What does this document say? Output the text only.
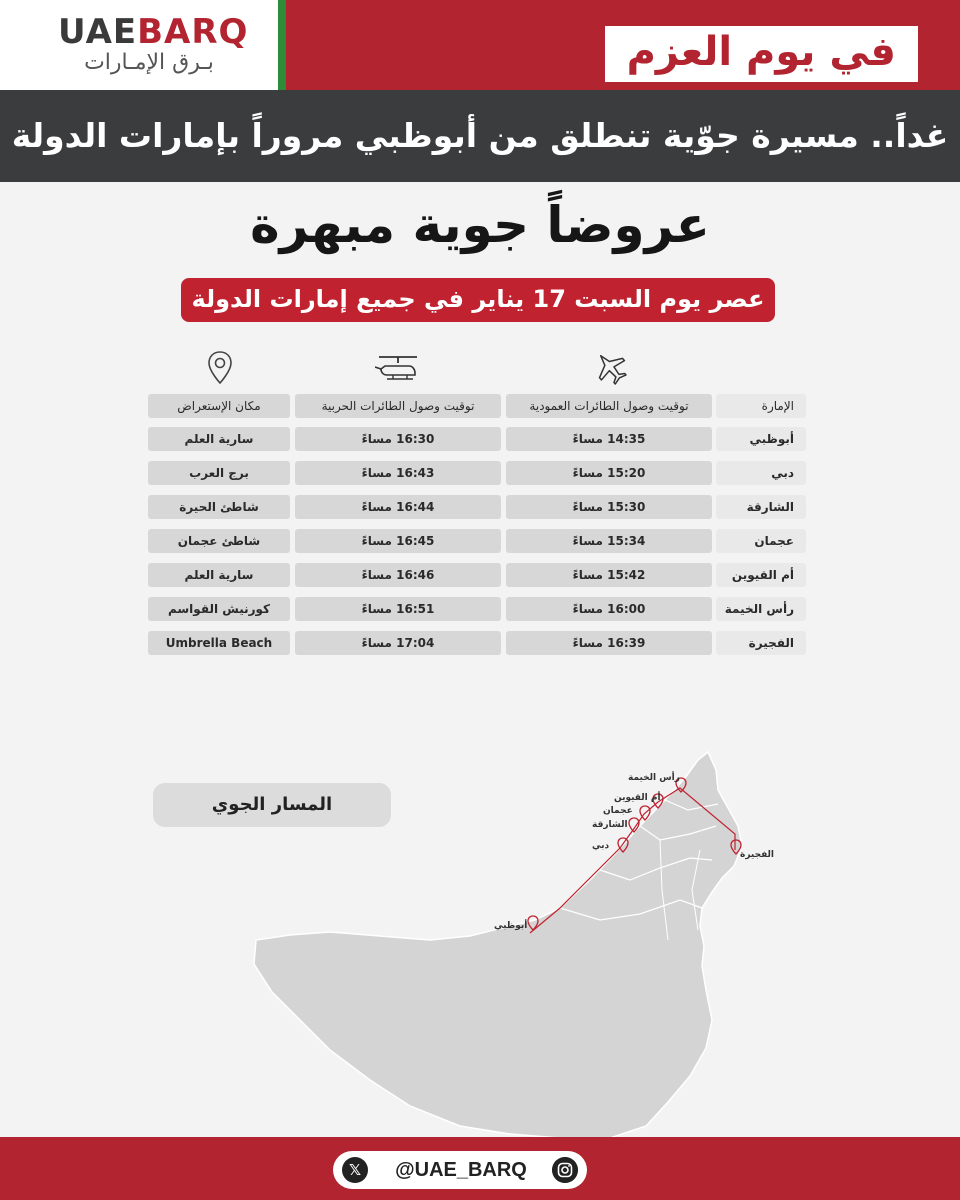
UAEBARQ
بـرق الإمـارات	في يوم العزم
غداً.. مسيرة جوّية تنطلق من أبوظبي مروراً بإمارات الدولة
عروضاً جوية مبهرة
عصر يوم السبت 17 يناير في جميع إمارات الدولة
الإمارة
توقيت وصول الطائرات العمودية
توقيت وصول الطائرات الحربية
مكان الإستعراض
أبوظبي
14:35 مساءً
16:30 مساءً
سارية العلم
دبي
15:20 مساءً
16:43 مساءً
برج العرب
الشارقة
15:30 مساءً
16:44 مساءً
شاطئ الحيرة
عجمان
15:34 مساءً
16:45 مساءً
شاطئ عجمان
أم القيوين
15:42 مساءً
16:46 مساءً
سارية العلم
رأس الخيمة
16:00 مساءً
16:51 مساءً
كورنيش القواسم
الفجيرة
16:39 مساءً
17:04 مساءً
Umbrella Beach
المسار الجوي
رأس الخيمة
أم القيوين
عجمان
الشارقة
دبي
أبوظبي
الفجيرة
𝕏	@UAE_BARQ
